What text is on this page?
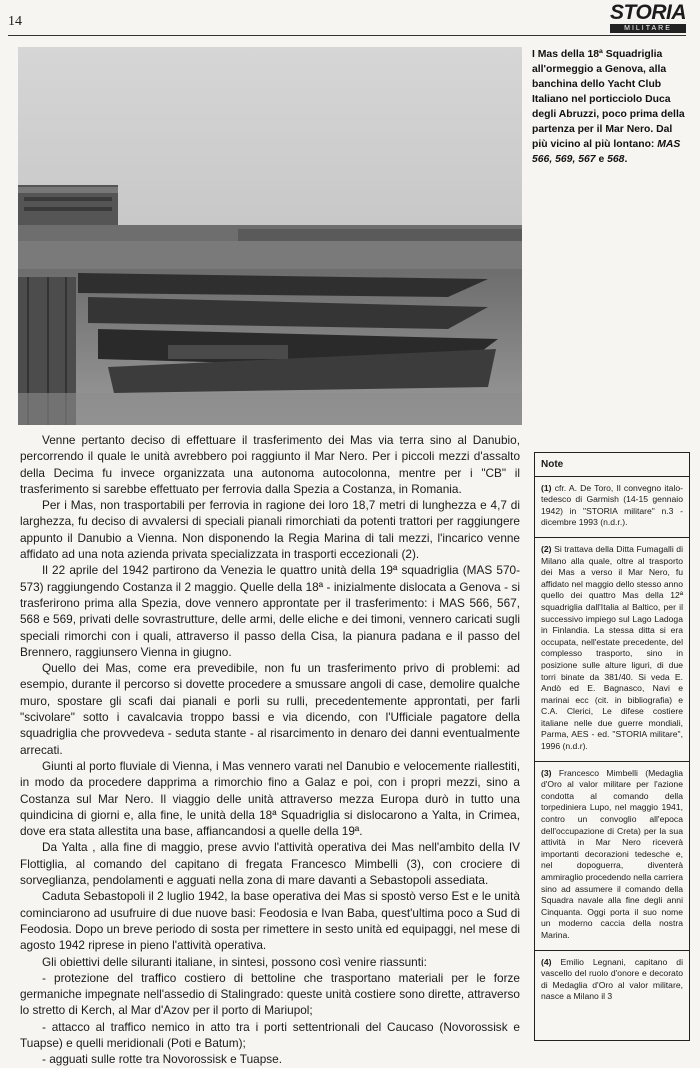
14	STORIA
MILITARE
I Mas della 18ª Squadriglia all'ormeggio a Genova, alla banchina dello Yacht Club Italiano nel porticciolo Duca degli Abruzzi, poco prima della partenza per il Mar Nero. Dal più vicino al più lontano: MAS 566, 569, 567 e 568.

Venne pertanto deciso di effettuare il trasferimento dei Mas via terra sino al Danubio, percorrendo il quale le unità avrebbero poi raggiunto il Mar Nero. Per i piccoli mezzi d'assalto della Decima fu invece organizzata una autonoma autocolonna, mentre per i "CB" il trasferimento si sarebbe effettuato per ferrovia dalla Spezia a Costanza, in Romania.

Per i Mas, non trasportabili per ferrovia in ragione dei loro 18,7 metri di lunghezza e 4,7 di larghezza, fu deciso di avvalersi di speciali pianali rimorchiati da potenti trattori per raggiungere appunto il Danubio a Vienna. Non disponendo la Regia Marina di tali mezzi, l'incarico venne affidato ad una nota azienda privata specializzata in trasporti eccezionali (2).

Il 22 aprile del 1942 partirono da Venezia le quattro unità della 19ª squadriglia (MAS 570-573) raggiungendo Costanza il 2 maggio. Quelle della 18ª - inizialmente dislocata a Genova - si trasferirono prima alla Spezia, dove vennero approntate per il trasferimento: i MAS 566, 567, 568 e 569, privati delle sovrastrutture, delle armi, delle eliche e dei timoni, vennero caricati sugli speciali rimorchi con i quali, attraverso il passo della Cisa, la pianura padana e il passo del Brennero, raggiunsero Vienna in giugno.

Quello dei Mas, come era prevedibile, non fu un trasferimento privo di problemi: ad esempio, durante il percorso si dovette procedere a smussare angoli di case, demolire qualche muro, spostare gli scafi dai pianali e porli su rulli, precedentemente approntati, per farli "scivolare" sotto i cavalcavia troppo bassi e via dicendo, con l'Ufficiale pagatore della squadriglia che provvedeva - seduta stante - al risarcimento in denaro dei danni eventualmente arrecati.

Giunti al porto fluviale di Vienna, i Mas vennero varati nel Danubio e velocemente riallestiti, in modo da procedere dapprima a rimorchio fino a Galaz e poi, con i propri mezzi, sino a Costanza sul Mar Nero. Il viaggio delle unità attraverso mezza Europa durò in tutto una quindicina di giorni e, alla fine, le unità della 18ª Squadriglia si dislocarono a Yalta, in Crimea, dove era stata allestita una base, affiancandosi a quelle della 19ª.

Da Yalta , alla fine di maggio, prese avvio l'attività operativa dei Mas nell'ambito della IV Flottiglia, al comando del capitano di fregata Francesco Mimbelli (3), con crociere di sorveglianza, pendolamenti e agguati nella zona di mare davanti a Sebastopoli assediata.

Caduta Sebastopoli il 2 luglio 1942, la base operativa dei Mas si spostò verso Est e le unità cominciarono ad usufruire di due nuove basi: Feodosia e Ivan Baba, quest'ultima poco a Sud di Feodosia. Dopo un breve periodo di sosta per rimettere in sesto unità ed equipaggi, nel mese di agosto 1942 riprese in pieno l'attività operativa.

Gli obiettivi delle siluranti italiane, in sintesi, possono così venire riassunti:

- protezione del traffico costiero di bettoline che trasportano materiali per le forze germaniche impegnate nell'assedio di Stalingrado: queste unità costiere sono dirette, attraverso lo stretto di Kerch, al Mar d'Azov per il porto di Mariupol;

- attacco al traffico nemico in atto tra i porti settentrionali del Caucaso (Novorossisk e Tuapse) e quelli meridionali (Poti e Batum);

- agguati sulle rotte tra Novorossisk e Tuapse.

Note
(1) cfr. A. De Toro, Il convegno italo-tedesco di Garmish (14-15 gennaio 1942) in "STORIA militare" n.3 - dicembre 1993 (n.d.r.).
(2) Si trattava della Ditta Fumagalli di Milano alla quale, oltre al trasporto dei Mas a verso il Mar Nero, fu affidato nel maggio dello stesso anno quello dei quattro Mas della 12ª squadriglia dall'Italia al Baltico, per il successivo impiego sul Lago Ladoga in Finlandia. La stessa ditta si era occupata, nell'estate precedente, del complesso trasporto, sino in posizione sulle alture liguri, di due torri binate da 381/40. Si veda E. Andò ed E. Bagnasco, Navi e marinai ecc (cit. in bibliografia) e C.A. Clerici, Le difese costiere italiane nelle due guerre mondiali, Parma, AES - ed. "STORIA militare", 1996 (n.d.r).
(3) Francesco Mimbelli (Medaglia d'Oro al valor militare per l'azione condotta al comando della torpediniera Lupo, nel maggio 1941, contro un convoglio all'epoca dell'occupazione di Creta) per la sua attività in Mar Nero riceverà importanti decorazioni tedesche e, nel dopoguerra, diventerà ammiraglio procedendo nella carriera sino ad assumere il comando della Squadra navale alla fine degli anni Cinquanta. Oggi porta il suo nome un moderno caccia della nostra Marina.
(4) Emilio Legnani, capitano di vascello del ruolo d'onore e decorato di Medaglia d'Oro al valor militare, nasce a Milano il 3
